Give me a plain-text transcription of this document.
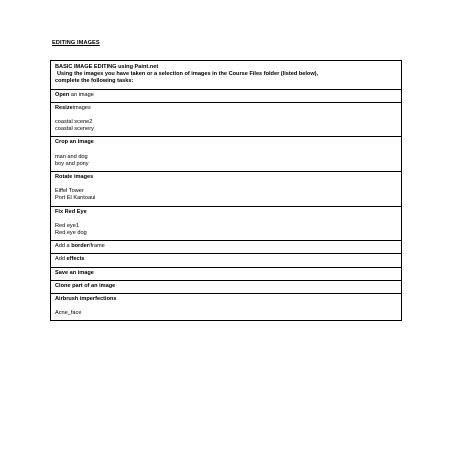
EDITING IMAGES
BASIC IMAGE EDITING using Paint.net
Using the images you have taken or a selection of images in the Course Files folder (listed below),
complete the following tasks:
Open an image
Resizeimages
coastal scene2
coastal scenery
Crop an image
man and dog
boy and pony
Rotate images
Eiffel Tower
Port El Kantoaui
Fix Red Eye
Red eye1
Red eye dog
Add a border/frame
Add effects
Save an image
Clone part of an image
Airbrush imperfections
Acne_face
